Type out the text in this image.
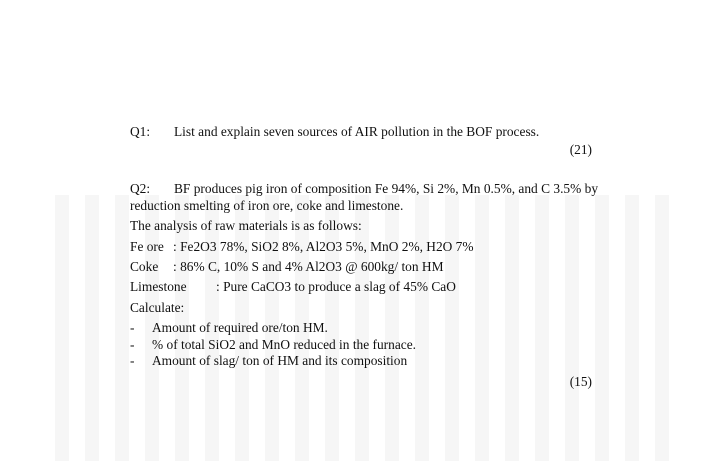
Q1: List and explain seven sources of AIR pollution in the BOF process.
(21)
Q2: BF produces pig iron of composition Fe 94%, Si 2%, Mn 0.5%, and C 3.5% by
reduction smelting of iron ore, coke and limestone.
The analysis of raw materials is as follows:
Fe ore : Fe2O3 78%, SiO2 8%, Al2O3 5%, MnO 2%, H2O 7%
Coke : 86% C, 10% S and 4% Al2O3 @ 600kg/ ton HM
Limestone : Pure CaCO3 to produce a slag of 45% CaO
Calculate:
- Amount of required ore/ton HM.
- % of total SiO2 and MnO reduced in the furnace.
- Amount of slag/ ton of HM and its composition
(15)
